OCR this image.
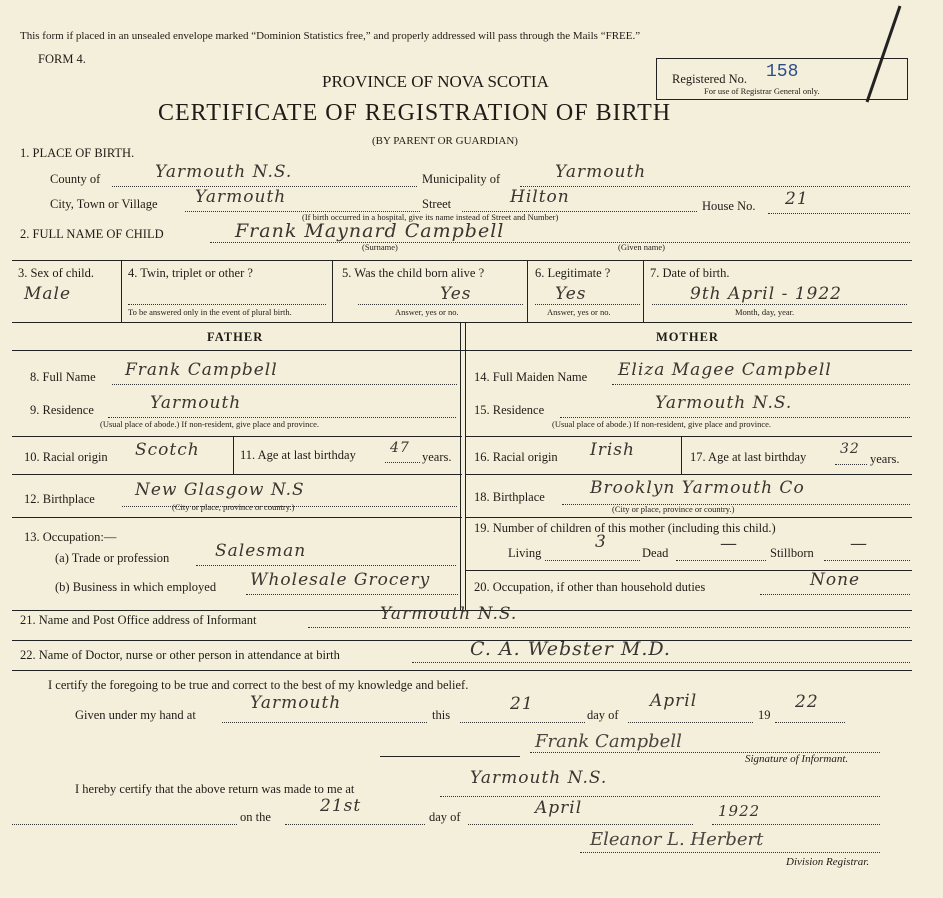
This form if placed in an unsealed envelope marked “Dominion Statistics free,” and properly addressed will pass through the Mails “FREE.”
FORM 4.
PROVINCE OF NOVA SCOTIA
CERTIFICATE OF REGISTRATION OF BIRTH
(BY PARENT OR GUARDIAN)
Registered No. 158
For use of Registrar General only.
1. PLACE OF BIRTH.
County of	Yarmouth N.S.	Municipality of	Yarmouth
City, Town or Village Yarmouth	Street	Hilton	House No. 21
(If birth occurred in a hospital, give its name instead of Street and Number)
2. FULL NAME OF CHILD	Frank Maynard Campbell
(Surname)	(Given name)
3. Sex of child.
Male
4. Twin, triplet or other ?
To be answered only in the event of plural birth.
5. Was the child born alive ?
Yes
Answer, yes or no.
6. Legitimate ?
Yes
Answer, yes or no.
7. Date of birth.
9th April - 1922
Month, day, year.
FATHER	MOTHER
8. Full Name Frank Campbell
9. Residence	Yarmouth
(Usual place of abode.) If non-resident, give place and province.
10. Racial origin Scotch	11. Age at last birthday 47
years.
12. Birthplace New Glasgow N.S
(City or place, province or country.)
13. Occupation:—
(a) Trade or profession	Salesman
(b) Business in which employed Wholesale Grocery
14. Full Maiden Name Eliza Magee Campbell
15. Residence	Yarmouth N.S.
(Usual place of abode.) If non-resident, give place and province.
16. Racial origin Irish	17. Age at last birthday 32
years.
18. Birthplace	Brooklyn Yarmouth Co
(City or place, province or country.)
19. Number of children of this mother (including this child.)
Living
3
Dead	—	Stillborn —
20. Occupation, if other than household duties	None
21. Name and Post Office address of Informant	Yarmouth N.S.
22. Name of Doctor, nurse or other person in attendance at birth	C. A. Webster M.D.
I certify the foregoing to be true and correct to the best of my knowledge and belief.
Given under my hand at
Yarmouth
this
21
day of
April
19
22
Frank Campbell
Signature of Informant.
I hereby certify that the above return was made to me at
Yarmouth N.S.
on the
21st
day of	April	1922
Eleanor L. Herbert
Division Registrar.
